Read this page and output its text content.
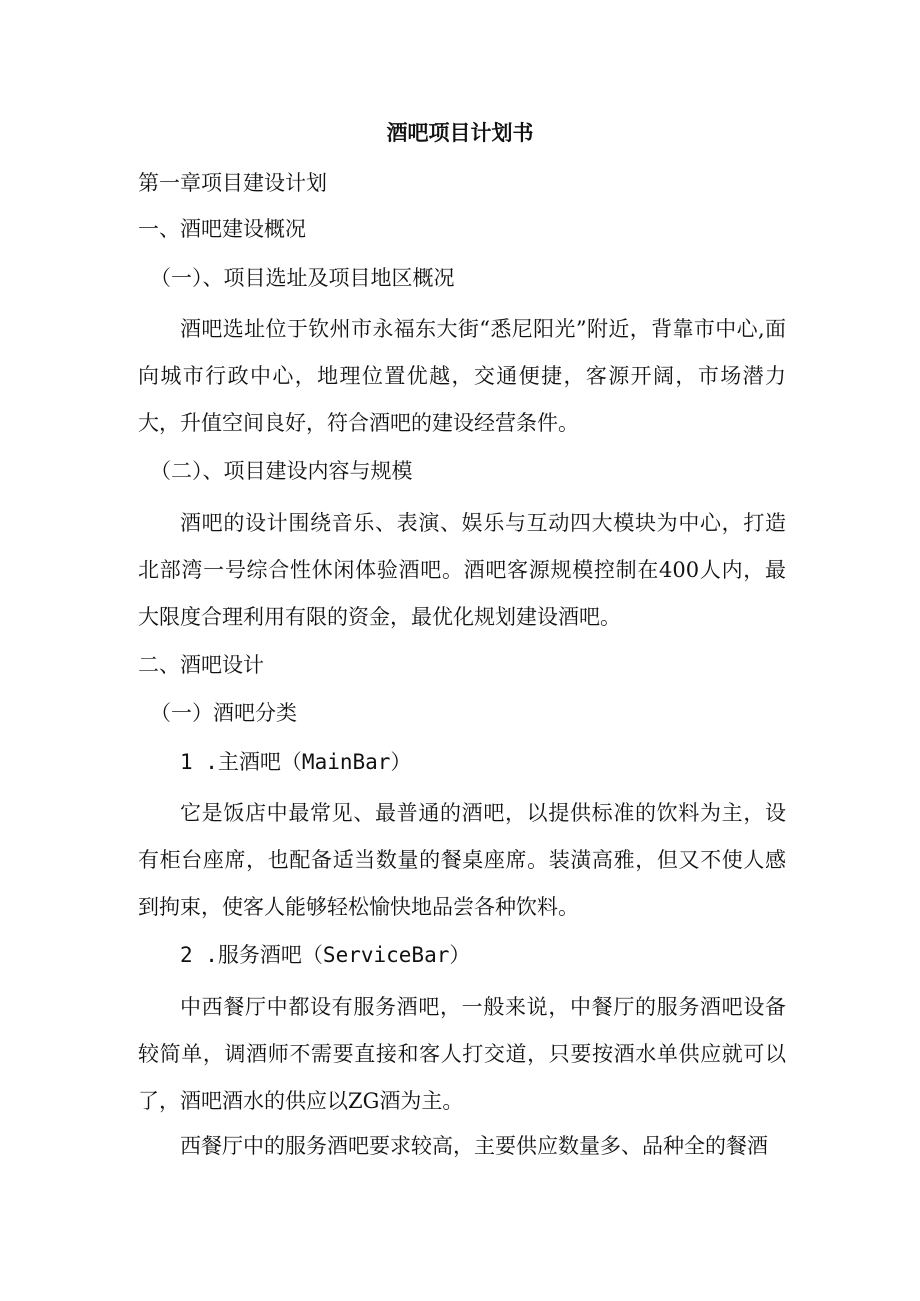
酒吧项目计划书
第一章项目建设计划
一、酒吧建设概况
（一）、项目选址及项目地区概况
酒吧选址位于钦州市永福东大街“悉尼阳光”附近，背靠市中心,面向城市行政中心，地理位置优越，交通便捷，客源开阔，市场潜力大，升值空间良好，符合酒吧的建设经营条件。
（二）、项目建设内容与规模
酒吧的设计围绕音乐、表演、娱乐与互动四大模块为中心，打造北部湾一号综合性休闲体验酒吧。酒吧客源规模控制在400人内，最大限度合理利用有限的资金，最优化规划建设酒吧。
二、酒吧设计
（一）酒吧分类
1 .主酒吧（MainBar）
它是饭店中最常见、最普通的酒吧，以提供标准的饮料为主，设有柜台座席，也配备适当数量的餐桌座席。装潢高雅，但又不使人感到拘束，使客人能够轻松愉快地品尝各种饮料。
2 .服务酒吧（ServiceBar）
中西餐厅中都设有服务酒吧，一般来说，中餐厅的服务酒吧设备较简单，调酒师不需要直接和客人打交道，只要按酒水单供应就可以了，酒吧酒水的供应以ZG酒为主。
西餐厅中的服务酒吧要求较高，主要供应数量多、品种全的餐酒
